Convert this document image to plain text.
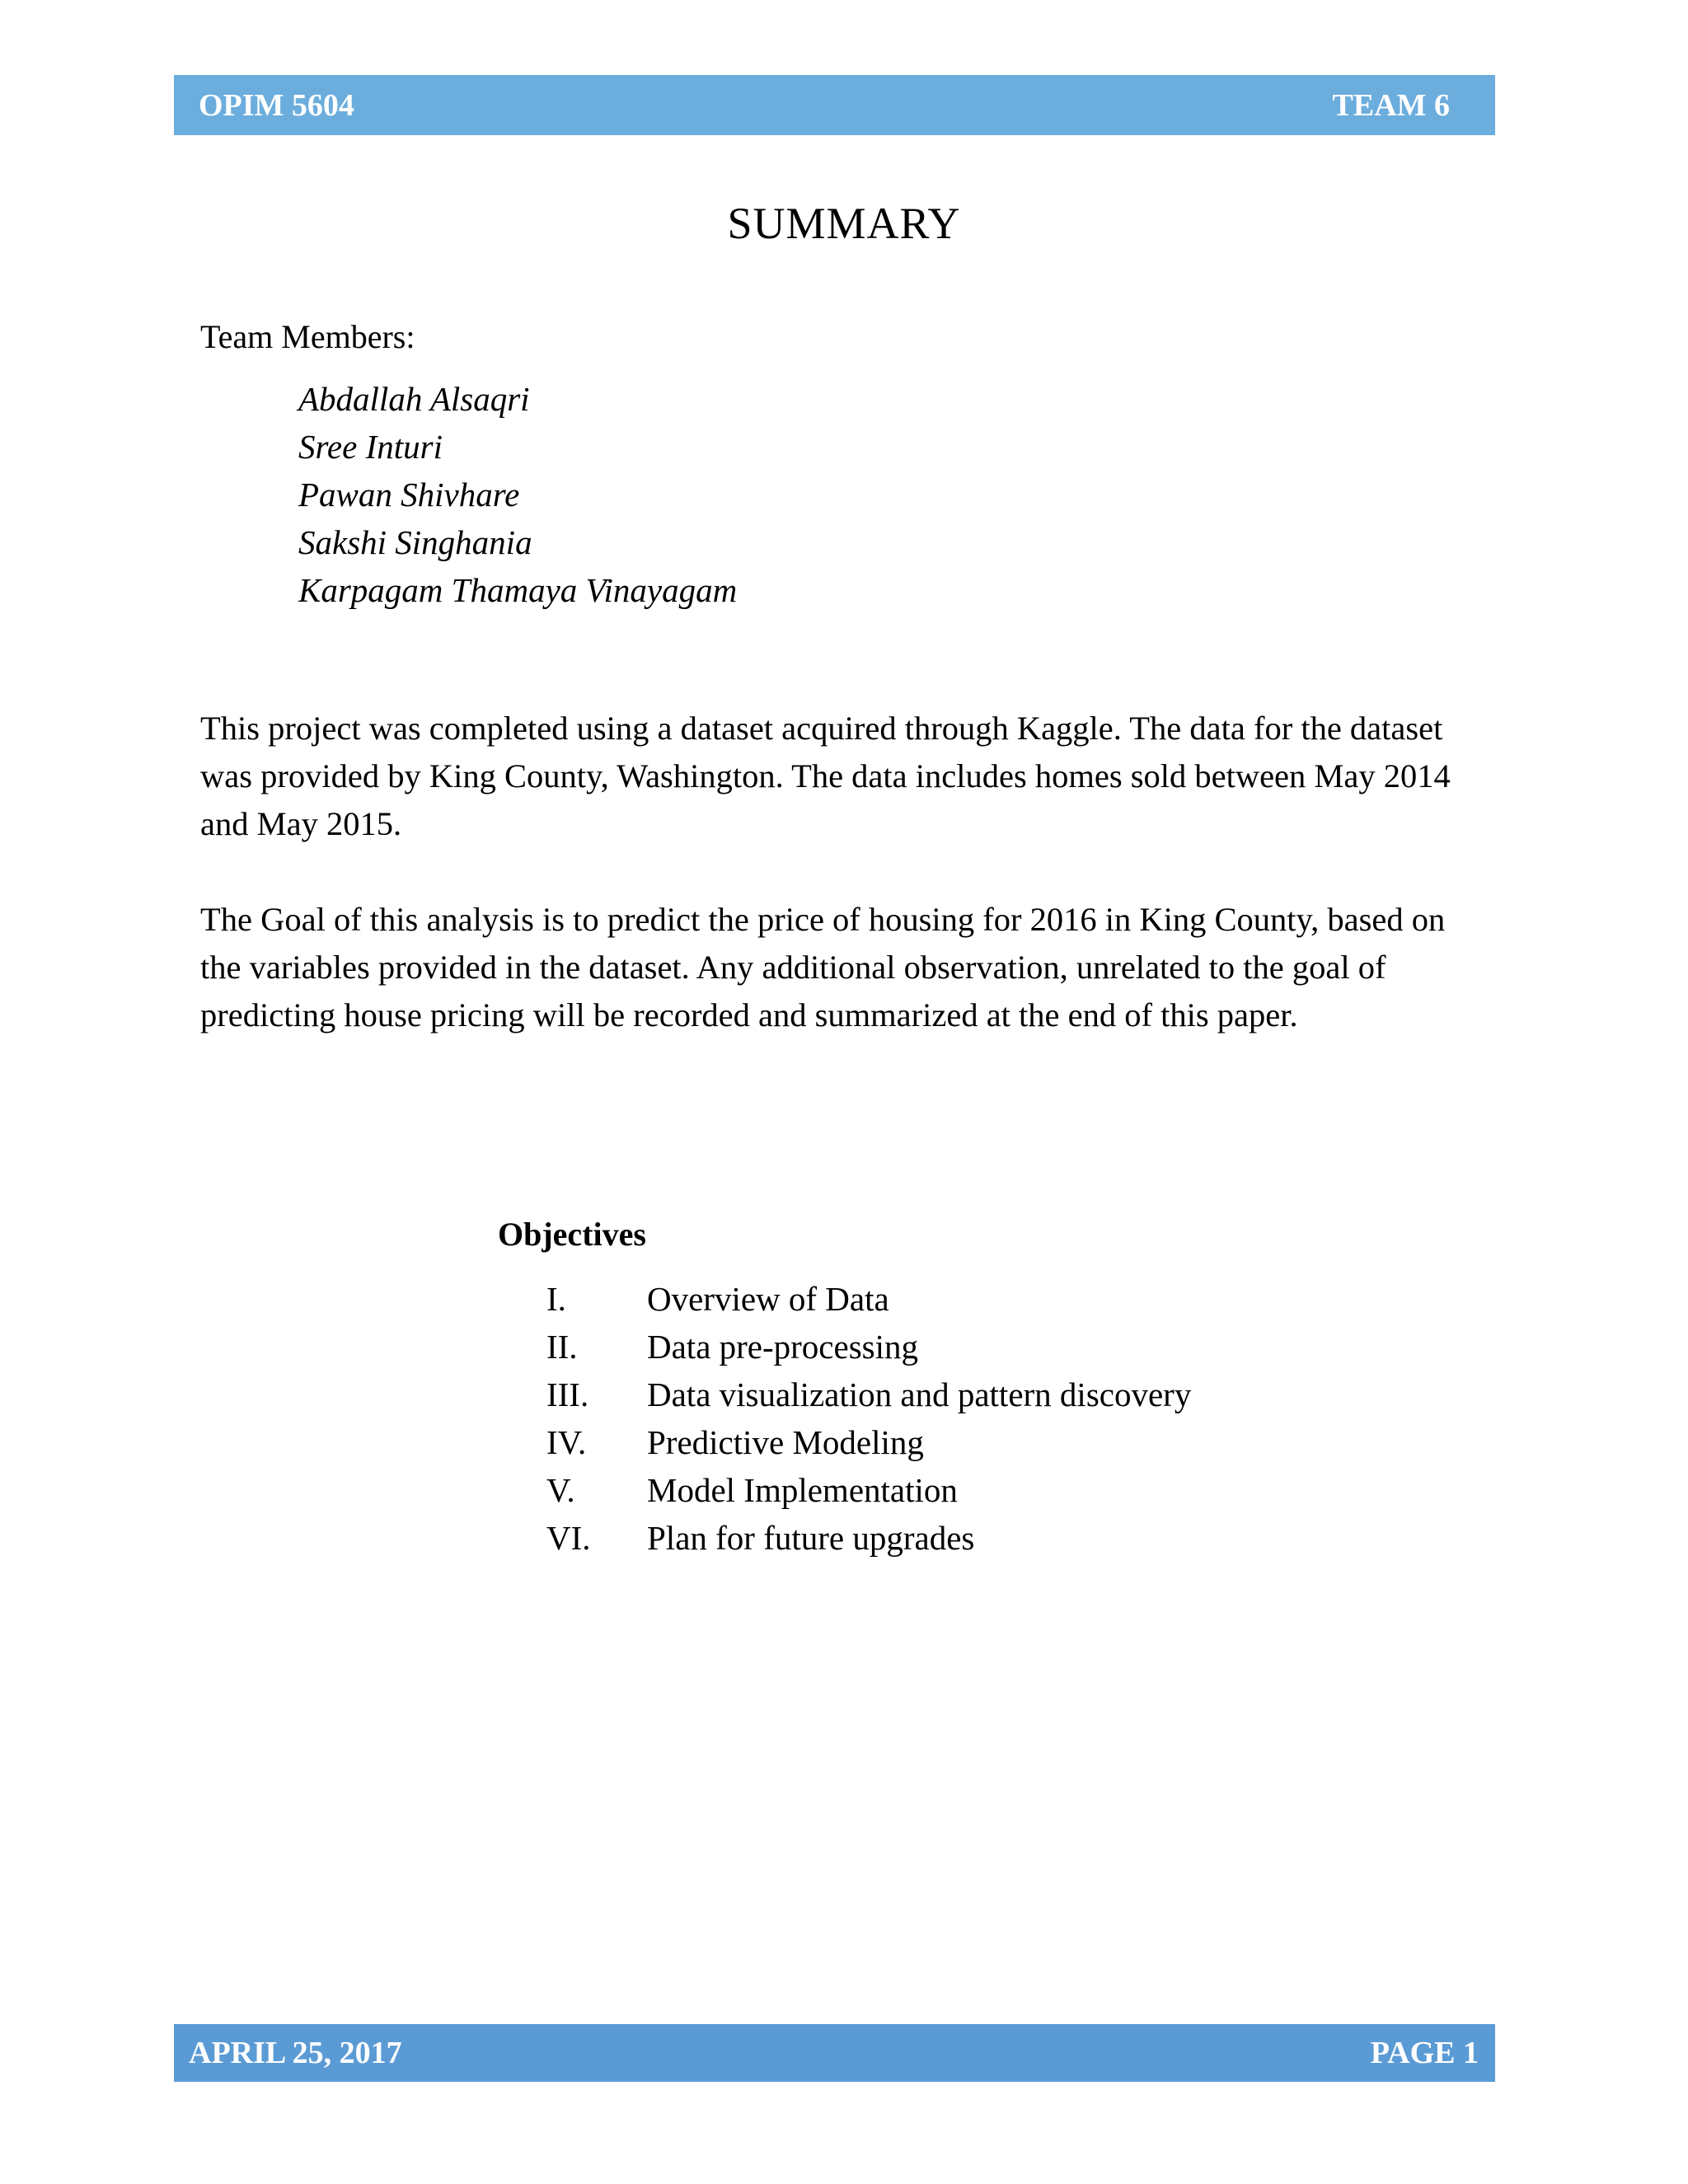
OPIM 5604	TEAM 6
SUMMARY
Team Members:
Abdallah Alsaqri
Sree Inturi
Pawan Shivhare
Sakshi Singhania
Karpagam Thamaya Vinayagam

This project was completed using a dataset acquired through Kaggle. The data for the dataset was provided by King County, Washington. The data includes homes sold between May 2014 and May 2015.

The Goal of this analysis is to predict the price of housing for 2016 in King County, based on the variables provided in the dataset. Any additional observation, unrelated to the goal of predicting house pricing will be recorded and summarized at the end of this paper.

Objectives
I.	Overview of Data
II.	Data pre-processing
III.	Data visualization and pattern discovery
IV.	Predictive Modeling
V.	Model Implementation
VI.	Plan for future upgrades
APRIL 25, 2017	PAGE 1
